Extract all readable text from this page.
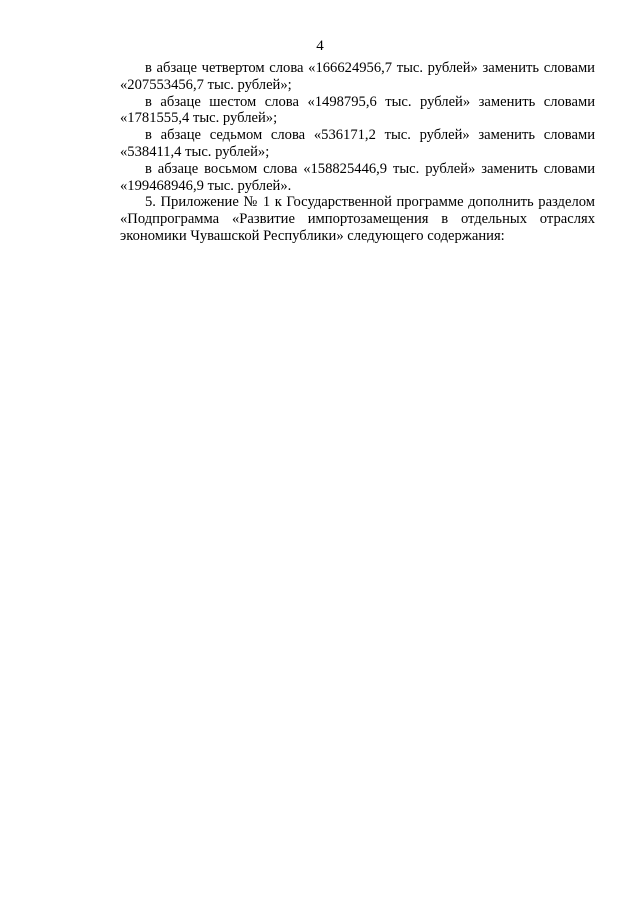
4

в абзаце четвертом слова «166624956,7 тыс. рублей» заменить словами «207553456,7 тыс. рублей»;

в абзаце шестом слова «1498795,6 тыс. рублей» заменить словами «1781555,4 тыс. рублей»;

в абзаце седьмом слова «536171,2 тыс. рублей» заменить словами «538411,4 тыс. рублей»;

в абзаце восьмом слова «158825446,9 тыс. рублей» заменить словами «199468946,9 тыс. рублей».

5. Приложение № 1 к Государственной программе дополнить разделом «Подпрограмма «Развитие импортозамещения в отдельных отраслях экономики Чувашской Республики» следующего содержания:
